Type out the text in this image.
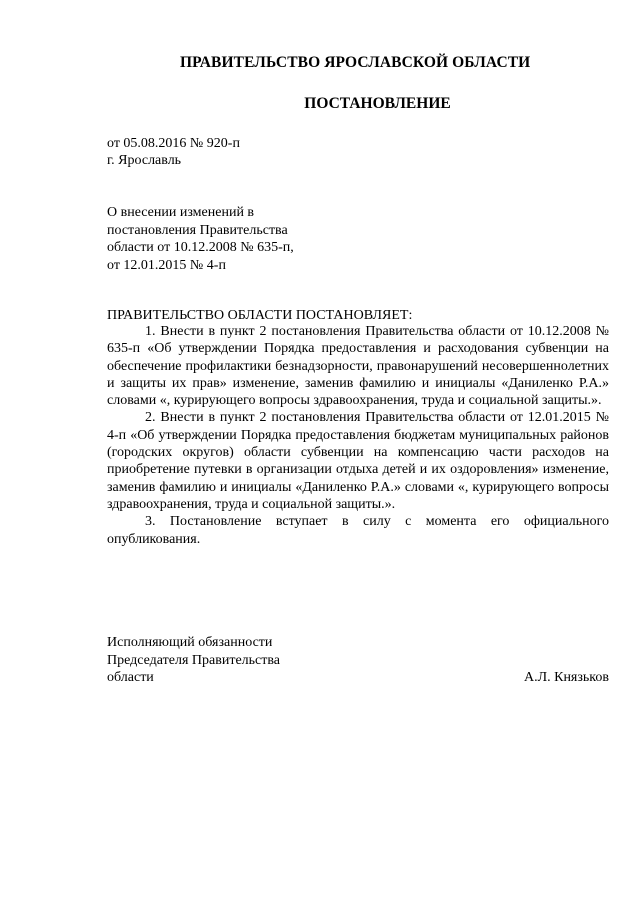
ПРАВИТЕЛЬСТВО ЯРОСЛАВСКОЙ ОБЛАСТИ
ПОСТАНОВЛЕНИЕ
от 05.08.2016 № 920-п
г. Ярославль
О внесении изменений в
постановления Правительства
области от 10.12.2008 № 635-п,
от 12.01.2015 № 4-п
ПРАВИТЕЛЬСТВО ОБЛАСТИ ПОСТАНОВЛЯЕТ:

1. Внести в пункт 2 постановления Правительства области от 10.12.2008 № 635-п «Об утверждении Порядка предоставления и расходования субвенции на обеспечение профилактики безнадзорности, правонарушений несовершеннолетних и защиты их прав» изменение, заменив фамилию и инициалы «Даниленко Р.А.» словами «, курирующего вопросы здравоохранения, труда и социальной защиты.».

2. Внести в пункт 2 постановления Правительства области от 12.01.2015 № 4-п «Об утверждении Порядка предоставления бюджетам муниципальных районов (городских округов) области субвенции на компенсацию части расходов на приобретение путевки в организации отдыха детей и их оздоровления» изменение, заменив фамилию и инициалы «Даниленко Р.А.» словами «, курирующего вопросы здравоохранения, труда и социальной защиты.».

3. Постановление вступает в силу с момента его официального опубликования.

Исполняющий обязанности
Председателя Правительства
области	А.Л. Князьков
